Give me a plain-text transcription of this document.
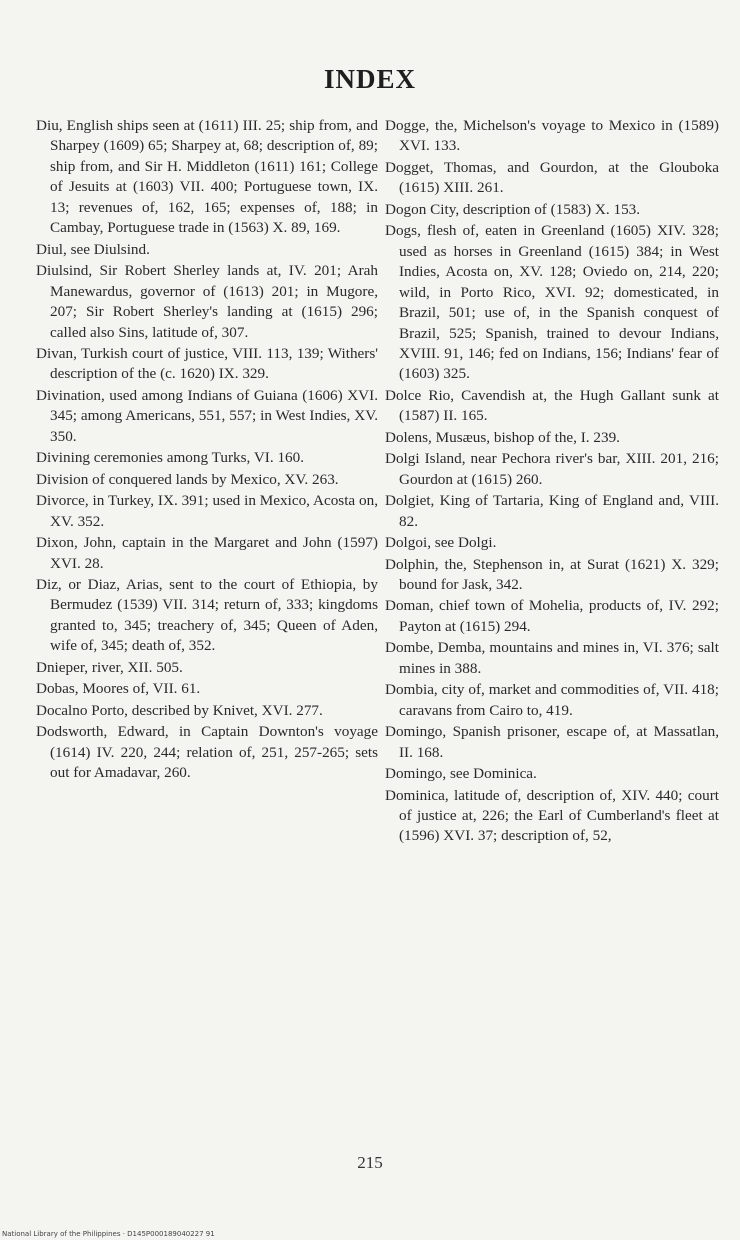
INDEX

Diu, English ships seen at (1611) III. 25; ship from, and Sharpey (1609) 65; Sharpey at, 68; description of, 89; ship from, and Sir H. Middleton (1611) 161; College of Jesuits at (1603) VII. 400; Portuguese town, IX. 13; revenues of, 162, 165; expenses of, 188; in Cambay, Portuguese trade in (1563) X. 89, 169.

Diul, see Diulsind.

Diulsind, Sir Robert Sherley lands at, IV. 201; Arah Manewardus, governor of (1613) 201; in Mugore, 207; Sir Robert Sherley's landing at (1615) 296; called also Sins, latitude of, 307.

Divan, Turkish court of justice, VIII. 113, 139; Withers' description of the (c. 1620) IX. 329.

Divination, used among Indians of Guiana (1606) XVI. 345; among Americans, 551, 557; in West Indies, XV. 350.

Divining ceremonies among Turks, VI. 160.

Division of conquered lands by Mexico, XV. 263.

Divorce, in Turkey, IX. 391; used in Mexico, Acosta on, XV. 352.

Dixon, John, captain in the Margaret and John (1597) XVI. 28.

Diz, or Diaz, Arias, sent to the court of Ethiopia, by Bermudez (1539) VII. 314; return of, 333; kingdoms granted to, 345; treachery of, 345; Queen of Aden, wife of, 345; death of, 352.

Dnieper, river, XII. 505.

Dobas, Moores of, VII. 61.

Docalno Porto, described by Knivet, XVI. 277.

Dodsworth, Edward, in Captain Downton's voyage (1614) IV. 220, 244; relation of, 251, 257-265; sets out for Amadavar, 260.

Dogge, the, Michelson's voyage to Mexico in (1589) XVI. 133.

Dogget, Thomas, and Gourdon, at the Glouboka (1615) XIII. 261.

Dogon City, description of (1583) X. 153.

Dogs, flesh of, eaten in Greenland (1605) XIV. 328; used as horses in Greenland (1615) 384; in West Indies, Acosta on, XV. 128; Oviedo on, 214, 220; wild, in Porto Rico, XVI. 92; domesticated, in Brazil, 501; use of, in the Spanish conquest of Brazil, 525; Spanish, trained to devour Indians, XVIII. 91, 146; fed on Indians, 156; Indians' fear of (1603) 325.

Dolce Rio, Cavendish at, the Hugh Gallant sunk at (1587) II. 165.

Dolens, Musæus, bishop of the, I. 239.

Dolgi Island, near Pechora river's bar, XIII. 201, 216; Gourdon at (1615) 260.

Dolgiet, King of Tartaria, King of England and, VIII. 82.

Dolgoi, see Dolgi.

Dolphin, the, Stephenson in, at Surat (1621) X. 329; bound for Jask, 342.

Doman, chief town of Mohelia, products of, IV. 292; Payton at (1615) 294.

Dombe, Demba, mountains and mines in, VI. 376; salt mines in 388.

Dombia, city of, market and commodities of, VII. 418; caravans from Cairo to, 419.

Domingo, Spanish prisoner, escape of, at Massatlan, II. 168.

Domingo, see Dominica.

Dominica, latitude of, description of, XIV. 440; court of justice at, 226; the Earl of Cumberland's fleet at (1596) XVI. 37; description of, 52,

215
National Library of the Philippines · D145P000189040227 91
